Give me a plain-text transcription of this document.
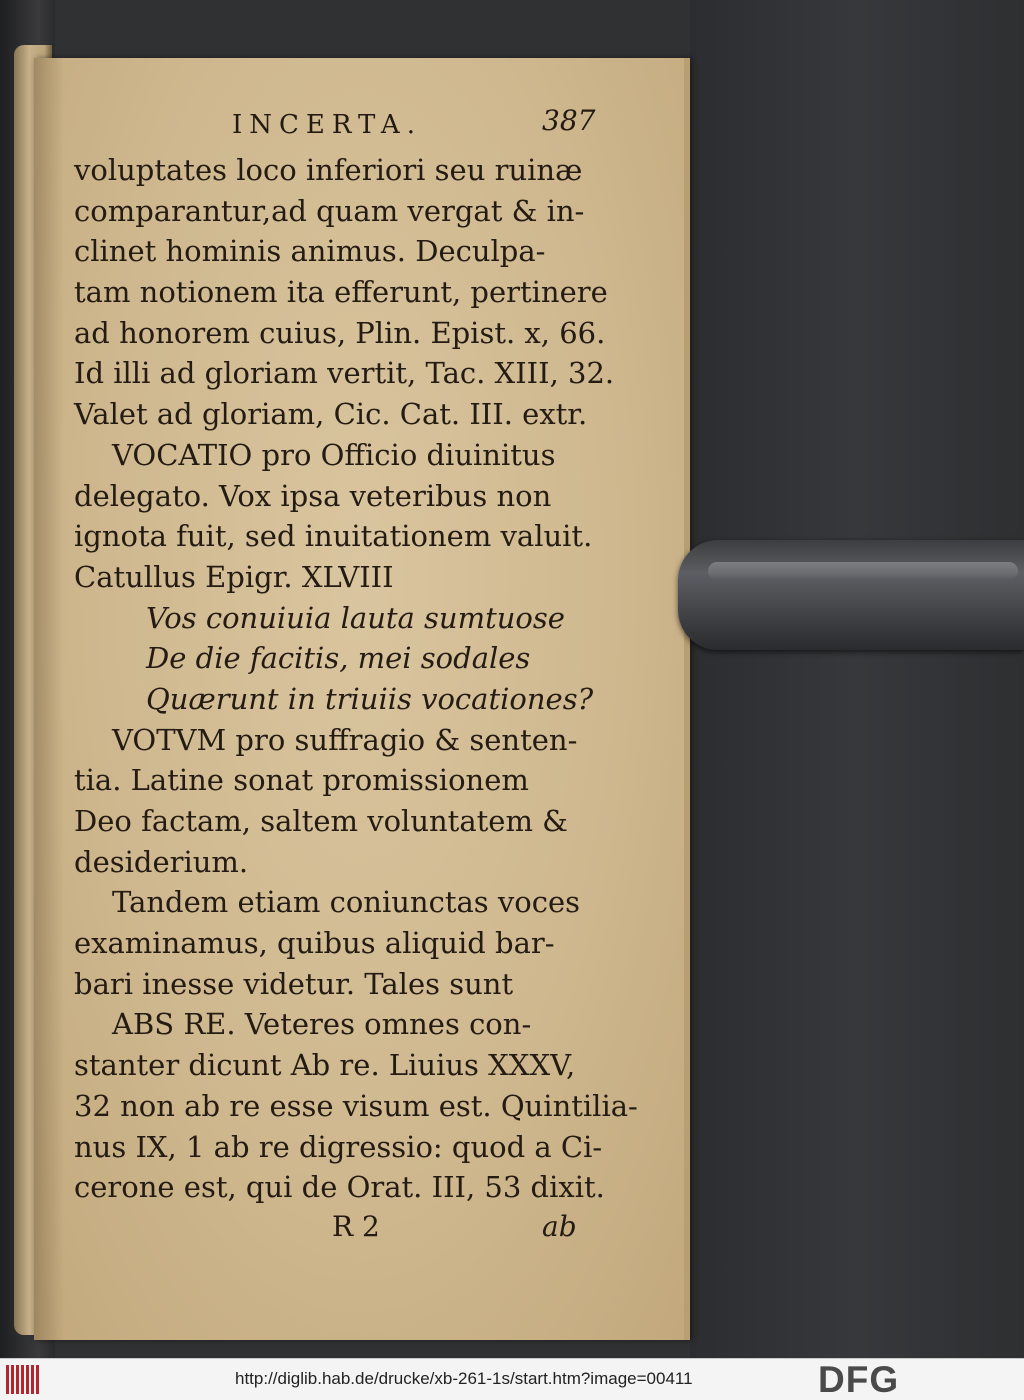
INCERTA.	387
voluptates loco inferiori seu ruinæ
comparantur,ad quam vergat & in-
clinet hominis animus. Deculpa-
tam notionem ita efferunt, pertinere
ad honorem cuius, Plin. Epist. x, 66.
Id illi ad gloriam vertit, Tac. XIII, 32.
Valet ad gloriam, Cic. Cat. III. extr.
VOCATIO pro Officio diuinitus
delegato. Vox ipsa veteribus non
ignota fuit, sed inuitationem valuit.
Catullus Epigr. XLVIII
Vos conuiuia lauta sumtuose
De die facitis, mei sodales
Quærunt in triuiis vocationes?
VOTVM pro suffragio & senten-
tia. Latine sonat promissionem
Deo factam, saltem voluntatem &
desiderium.
Tandem etiam coniunctas voces
examinamus, quibus aliquid bar-
bari inesse videtur. Tales sunt
ABS RE. Veteres omnes con-
stanter dicunt Ab re. Liuius XXXV,
32 non ab re esse visum est. Quintilia-
nus IX, 1 ab re digressio: quod a Ci-
cerone est, qui de Orat. III, 53 dixit.
R 2	ab
http://diglib.hab.de/drucke/xb-261-1s/start.htm?image=00411	DFG
